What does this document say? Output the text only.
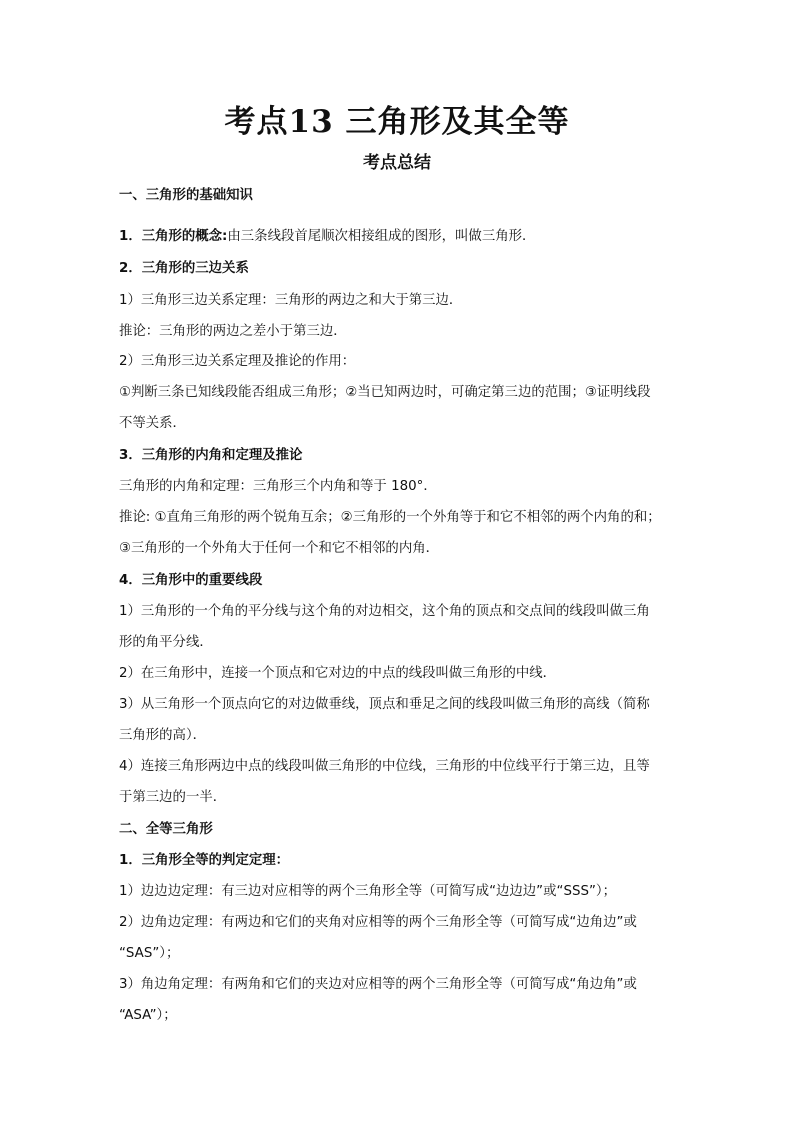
考点13 三角形及其全等
考点总结
一、三角形的基础知识
1．三角形的概念:由三条线段首尾顺次相接组成的图形，叫做三角形．
2．三角形的三边关系
1）三角形三边关系定理：三角形的两边之和大于第三边．
推论：三角形的两边之差小于第三边．
2）三角形三边关系定理及推论的作用：
①判断三条已知线段能否组成三角形；②当已知两边时，可确定第三边的范围；③证明线段
不等关系．
3．三角形的内角和定理及推论
三角形的内角和定理：三角形三个内角和等于 180°．
推论: ①直角三角形的两个锐角互余；②三角形的一个外角等于和它不相邻的两个内角的和；
③三角形的一个外角大于任何一个和它不相邻的内角．
4．三角形中的重要线段
1）三角形的一个角的平分线与这个角的对边相交，这个角的顶点和交点间的线段叫做三角
形的角平分线．
2）在三角形中，连接一个顶点和它对边的中点的线段叫做三角形的中线．
3）从三角形一个顶点向它的对边做垂线，顶点和垂足之间的线段叫做三角形的高线（简称
三角形的高）．
4）连接三角形两边中点的线段叫做三角形的中位线，三角形的中位线平行于第三边，且等
于第三边的一半．
二、全等三角形
1．三角形全等的判定定理：
1）边边边定理：有三边对应相等的两个三角形全等（可简写成“边边边”或“SSS”）；
2）边角边定理：有两边和它们的夹角对应相等的两个三角形全等（可简写成“边角边”或
“SAS”）；
3）角边角定理：有两角和它们的夹边对应相等的两个三角形全等（可简写成“角边角”或
“ASA”）；
